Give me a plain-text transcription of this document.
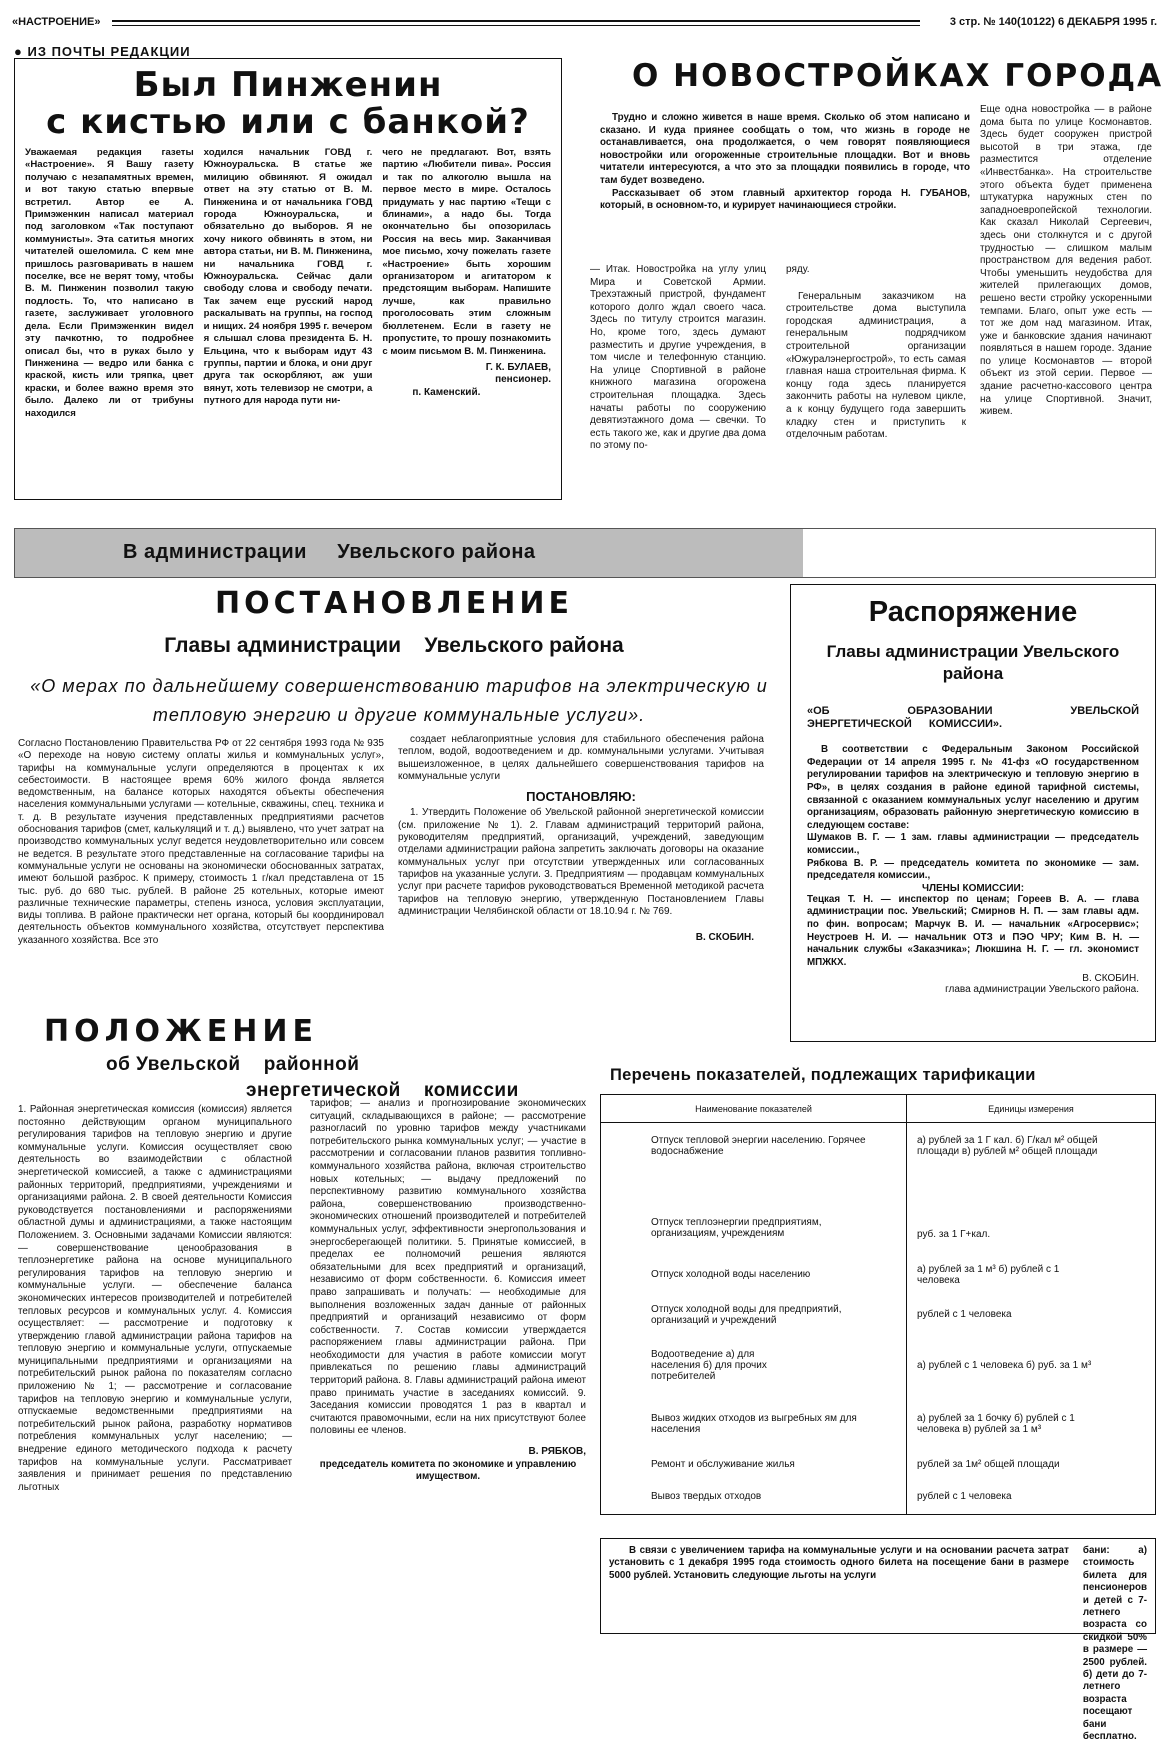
«НАСТРОЕНИЕ»	3 стр. № 140(10122) 6 ДЕКАБРЯ 1995 г.
● ИЗ ПОЧТЫ РЕДАКЦИИ
Был Пинженин
с кистью или с банкой?
Уважаемая редакция газеты «Настроение». Я Вашу газету получаю с незапамятных времен, и вот такую статью впервые встретил. Автор ее А. Примэженкин написал материал под заголовком «Так поступают коммунисты». Эта сатитья многих читателей ошеломила. С кем мне пришлось разговаривать в нашем поселке, все не верят тому, чтобы В. М. Пинженин позволил такую подлость. То, что написано в газете, заслуживает уголовного дела. Если Примэженкин видел эту пачкотню, то подробнее описал бы, что в руках было у Пинженина — ведро или банка с краской, кисть или тряпка, цвет краски, и более важно время это было. Далеко ли от трибуны находился
ходился начальник ГОВД г. Южноуральска. В статье же милицию обвиняют. Я ожидал ответ на эту статью от В. М. Пинженина и от начальника ГОВД города Южноуральска, и обязательно до выборов. Я не хочу никого обвинять в этом, ни автора статьи, ни В. М. Пинженина, ни начальника ГОВД г. Южноуральска. Сейчас дали свободу слова и свободу печати. Так зачем еще русский народ раскалывать на группы, на господ и нищих. 24 ноября 1995 г. вечером я слышал слова президента Б. Н. Ельцина, что к выборам идут 43 группы, партии и блока, и они друг друга так оскорбляют, аж уши вянут, хоть телевизор не смотри, а путного для народа пути ни-
чего не предлагают. Вот, взять партию «Любители пива». Россия и так по алкоголю вышла на первое место в мире. Осталось придумать у нас партию «Тещи с блинами», а надо бы. Тогда окончательно бы опозорилась Россия на весь мир. Заканчивая мое письмо, хочу пожелать газете «Настроение» быть хорошим организатором и агитатором к предстоящим выборам. Напишите лучше, как правильно проголосовать этим сложным бюллетенем. Если в газету не пропустите, то прошу познакомить с моим письмом В. М. Пинженина.
Г. К. БУЛАЕВ,
пенсионер.
п. Каменский.
О НОВОСТРОЙКАХ ГОРОДА

Трудно и сложно живется в наше время. Сколько об этом написано и сказано. И куда приянее сообщать о том, что жизнь в городе не останавливается, она продолжается, о чем говорят появляющиеся новостройки или огороженные строительные площадки. Вот и вновь читатели интересуются, а что это за площадки появились в городе, что там будет возведено.

Рассказывает об этом главный архитектор города Н. ГУБАНОВ, который, в основном-то, и курирует начинающиеся стройки.

— Итак. Новостройка на углу улиц Мира и Советской Армии. Трехэтажный пристрой, фундамент которого долго ждал своего часа. Здесь по титулу строится магазин. Но, кроме того, здесь думают разместить и другие учреждения, в том числе и телефонную станцию. На улице Спортивной в районе книжного магазина огорожена строительная площадка. Здесь начаты работы по сооружению девятиэтажного дома — свечки. То есть такого же, как и другие два дома по этому по-
ряду.

Генеральным заказчиком на строительстве дома выступила городская администрация, а генеральным подрядчиком строительной организации «Южуралэнергострой», то есть самая главная наша строительная фирма. К концу года здесь планируется закончить работы на нулевом цикле, а к концу будущего года завершить кладку стен и приступить к отделочным работам.

Еще одна новостройка — в районе дома быта по улице Космонавтов. Здесь будет сооружен пристрой высотой в три этажа, где разместится отделение «Инвестбанка». На строительстве этого объекта будет применена штукатурка наружных стен по западноевропейской технологии. Как сказал Николай Сергеевич, здесь они столкнутся и с другой трудностью — слишком малым пространством для ведения работ. Чтобы уменьшить неудобства для жителей прилегающих домов, решено вести стройку ускоренными темпами. Благо, опыт уже есть — тот же дом над магазином. Итак, уже и банковские здания начинают появляться в нашем городе. Здание по улице Космонавтов — второй объект из этой серии. Первое — здание расчетно-кассового центра на улице Спортивной. Значит, живем.
В администрации     Увельского района
ПОСТАНОВЛЕНИЕ
Главы администрации    Увельского района
«О мерах по дальнейшему совершенствованию тарифов на электрическую и тепловую энергию и другие коммунальные услуги».
Согласно Постановлению Правительства РФ от 22 сентября 1993 года № 935 «О переходе на новую систему оплаты жилья и коммунальных услуг», тарифы на коммунальные услуги определяются в процентах к их себестоимости. В настоящее время 60% жилого фонда является ведомственным, на балансе которых находятся объекты обеспечения населения коммунальными услугами — котельные, скважины, спец. техника и т. д. В результате изучения представленных предприятиями расчетов обоснования тарифов (смет, калькуляций и т. д.) выявлено, что учет затрат на производство коммунальных услуг ведется неудовлетворительно или совсем не ведется. В результате этого представленные на согласование тарифы на коммунальные услуги не основаны на экономически обоснованных затратах, имеют большой разброс. К примеру, стоимость 1 г/кал представлена от 15 тыс. руб. до 680 тыс. рублей. В районе 25 котельных, которые имеют различные технические параметры, степень износа, условия эксплуатации, виды топлива. В районе практически нет органа, который бы координировал деятельность объектов коммунального хозяйства, отсутствует перспектива указанного хозяйства. Все это

создает неблагоприятные условия для стабильного обеспечения района теплом, водой, водоотведением и др. коммунальными услугами. Учитывая вышеизложенное, в целях дальнейшего совершенствования тарифов на коммунальные услуги

ПОСТАНОВЛЯЮ:

1. Утвердить Положение об Увельской районной энергетической комиссии (см. приложение № 1). 2. Главам администраций территорий района, руководителям предприятий, организаций, учреждений, заведующим отделами администрации района запретить заключать договоры на оказание коммунальных услуг при отсутствии утвержденных или согласованных тарифов на указанные услуги. 3. Предприятиям — продавцам коммунальных услуг при расчете тарифов руководствоваться Временной методикой расчета тарифов на тепловую энергию, утвержденную Постановлением Главы администрации Челябинской области от 18.10.94 г. № 769.

В. СКОБИН.
Распоряжение
Главы администрации Увельского района
«ОБ ОБРАЗОВАНИИ УВЕЛЬСКОЙ ЭНЕРГЕТИЧЕСКОЙ КОМИССИИ».

В соответствии с Федеральным Законом Российской Федерации от 14 апреля 1995 г. № 41-фз «О государственном регулировании тарифов на электрическую и тепловую энергию в РФ», в целях создания в районе единой тарифной системы, связанной с оказанием коммунальных услуг населению и другим организациям, образовать районную энергетическую комиссию в следующем составе:

Шумаков В. Г. — 1 зам. главы администрации — председатель комиссии.,
Рябкова В. Р. — председатель комитета по экономике — зам. председателя комиссии.,
ЧЛЕНЫ КОМИССИИ:
Тецкая Т. Н. — инспектор по ценам; Гореев В. А. — глава администрации пос. Увельский; Смирнов Н. П. — зам главы адм. по фин. вопросам; Марчук В. И. — начальник «Агросервис»; Неустроев Н. И. — начальник ОТЗ и ПЭО ЧРУ; Ким В. Н. — начальник службы «Заказчика»; Люкшина Н. Г. — гл. экономист МПЖКХ.
В. СКОБИН.
глава администрации Увельского района.
ПОЛОЖЕНИЕ
об Увельской    районной
энергетической    комиссии
1. Районная энергетическая комиссия (комиссия) является постоянно действующим органом муниципального регулирования тарифов на тепловую энергию и другие коммунальные услуги. Комиссия осуществляет свою деятельность во взаимодействии с областной энергетической комиссией, а также с администрациями районных территорий, предприятиями, учреждениями и организациями района. 2. В своей деятельности Комиссия руководствуется постановлениями и распоряжениями областной думы и администрациями, а также настоящим Положением. 3. Основными задачами Комиссии являются: — совершенствование ценообразования в теплоэнергетике района на основе муниципального регулирования тарифов на тепловую энергию и коммунальные услуги. — обеспечение баланса экономических интересов производителей и потребителей тепловых ресурсов и коммунальных услуг. 4. Комиссия осуществляет: — рассмотрение и подготовку к утверждению главой администрации района тарифов на тепловую энергию и коммунальные услуги, отпускаемые муниципальными предприятиями и организациями на потребительский рынок района по показателям согласно приложению № 1; — рассмотрение и согласование тарифов на тепловую энергию и коммунальные услуги, отпускаемые ведомственными предприятиями на потребительский рынок района, разработку нормативов потребления коммунальных услуг населению; — внедрение единого методического подхода к расчету тарифов на коммунальные услуги. Рассматривает заявления и принимает решения по представлению льготных
тарифов; — анализ и прогнозирование экономических ситуаций, складывающихся в районе; — рассмотрение разногласий по уровню тарифов между участниками потребительского рынка коммунальных услуг; — участие в рассмотрении и согласовании планов развития топливно-коммунального хозяйства района, включая строительство новых котельных; — выдачу предложений по перспективному развитию коммунального хозяйства района, совершенствованию производственно-экономических отношений производителей и потребителей коммунальных услуг, эффективности энергопользования и энергосберегающей политики. 5. Принятые комиссией, в пределах ее полномочий решения являются обязательными для всех предприятий и организаций, независимо от форм собственности. 6. Комиссия имеет право запрашивать и получать: — необходимые для выполнения возложенных задач данные от районных предприятий и организаций независимо от форм собственности. 7. Состав комиссии утверждается распоряжением главы администрации района. При необходимости для участия в работе комиссии могут привлекаться по решению главы администраций территорий района. 8. Главы администраций района имеют право принимать участие в заседаниях комиссий. 9. Заседания комиссии проводятся 1 раз в квартал и считаются правомочными, если на них присутствуют более половины ее членов.
В. РЯБКОВ,
председатель комитета по экономике и управлению имуществом.
Перечень показателей, подлежащих тарификации
Наименование показателей	Единицы измерения
Отпуск тепловой энергии населению. Горячее водоснабжение	а) рублей за 1 Г кал. б) Г/кал м² общей площади в) рублей м² общей площади
Отпуск теплоэнергии предприятиям, организациям, учреждениям	руб. за 1 Г+кал.
Отпуск холодной воды населению	а) рублей за 1 м³ б) рублей с 1 человека
Отпуск холодной воды для предприятий, организаций и учреждений	рублей с 1 человека
Водоотведение а) для населения б) для прочих потребителей	а) рублей с 1 человека б) руб. за 1 м³
Вывоз жидких отходов из выгребных ям для населения	а) рублей за 1 бочку б) рублей с 1 человека в) рублей за 1 м³
Ремонт и обслуживание жилья	рублей за 1м² общей площади
Вывоз твердых отходов	рублей с 1 человека

В связи с увеличением тарифа на коммунальные услуги и на основании расчета затрат установить с 1 декабря 1995 года стоимость одного билета на посещение бани в размере 5000 рублей. Установить следующие льготы на услуги

бани: а) стоимость билета для пенсионеров и детей с 7-летнего возраста со скидкой 50% в размере — 2500 рублей. б) дети до 7-летнего возраста посещают бани бесплатно.
